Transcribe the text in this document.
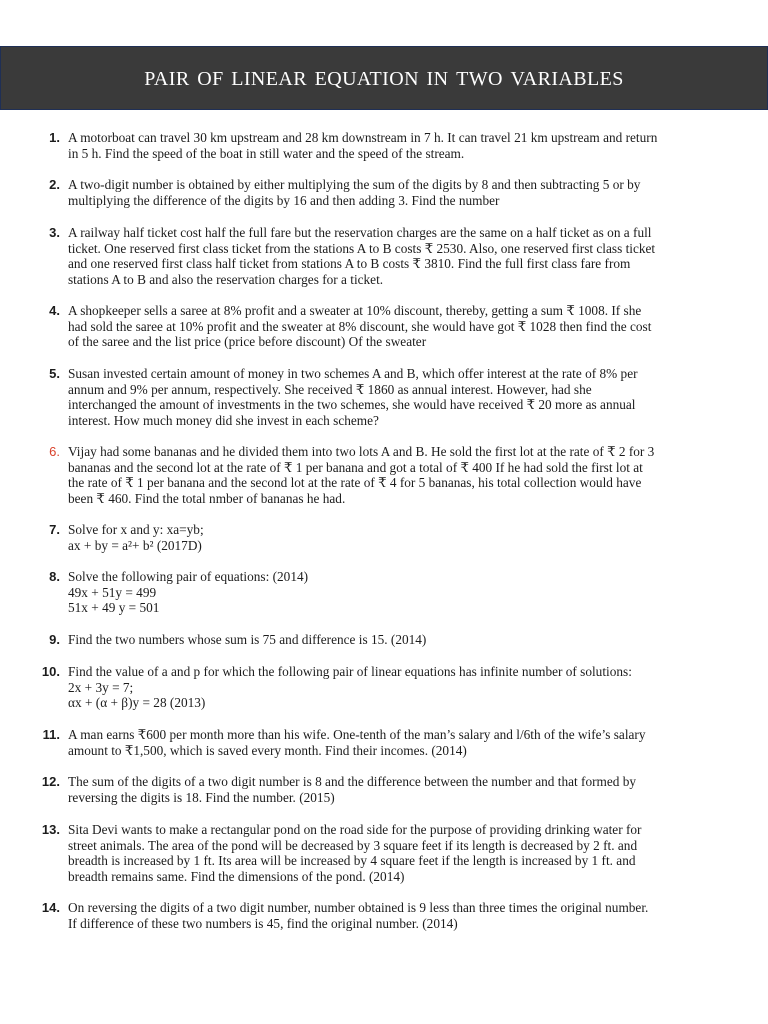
pair of linear equation in two variables
1. A motorboat can travel 30 km upstream and 28 km downstream in 7 h. It can travel 21 km upstream and return
in 5 h. Find the speed of the boat in still water and the speed of the stream.
2. A two-digit number is obtained by either multiplying the sum of the digits by 8 and then subtracting 5 or by
multiplying the difference of the digits by 16 and then adding 3. Find the number
3. A railway half ticket cost half the full fare but the reservation charges are the same on a half ticket as on a full
ticket. One reserved first class ticket from the stations A to B costs ₹ 2530. Also, one reserved first class ticket
and one reserved first class half ticket from stations A to B costs ₹ 3810. Find the full first class fare from
stations A to B and also the reservation charges for a ticket.
4. A shopkeeper sells a saree at 8% profit and a sweater at 10% discount, thereby, getting a sum ₹ 1008. If she
had sold the saree at 10% profit and the sweater at 8% discount, she would have got ₹ 1028 then find the cost
of the saree and the list price (price before discount) Of the sweater
5. Susan invested certain amount of money in two schemes A and B, which offer interest at the rate of 8% per
annum and 9% per annum, respectively. She received ₹ 1860 as annual interest. However, had she
interchanged the amount of investments in the two schemes, she would have received ₹ 20 more as annual
interest. How much money did she invest in each scheme?
6. Vijay had some bananas and he divided them into two lots A and B. He sold the first lot at the rate of ₹ 2 for 3
bananas and the second lot at the rate of ₹ 1 per banana and got a total of ₹ 400 If he had sold the first lot at
the rate of ₹ 1 per banana and the second lot at the rate of ₹ 4 for 5 bananas, his total collection would have
been ₹ 460. Find the total nmber of bananas he had.
7. Solve for x and y: xa=yb;
ax + by = a²+ b² (2017D)
8. Solve the following pair of equations: (2014)
49x + 51y = 499
51x + 49 y = 501
9. Find the two numbers whose sum is 75 and difference is 15. (2014)
10. Find the value of a and p for which the following pair of linear equations has infinite number of solutions:
2x + 3y = 7;
αx + (α + β)y = 28 (2013)
11. A man earns ₹600 per month more than his wife. One-tenth of the man’s salary and l/6th of the wife’s salary
amount to ₹1,500, which is saved every month. Find their incomes. (2014)
12. The sum of the digits of a two digit number is 8 and the difference between the number and that formed by
reversing the digits is 18. Find the number. (2015)
13. Sita Devi wants to make a rectangular pond on the road side for the purpose of providing drinking water for
street animals. The area of the pond will be decreased by 3 square feet if its length is decreased by 2 ft. and
breadth is increased by 1 ft. Its area will be increased by 4 square feet if the length is increased by 1 ft. and
breadth remains same. Find the dimensions of the pond. (2014)
14. On reversing the digits of a two digit number, number obtained is 9 less than three times the original number.
If difference of these two numbers is 45, find the original number. (2014)
